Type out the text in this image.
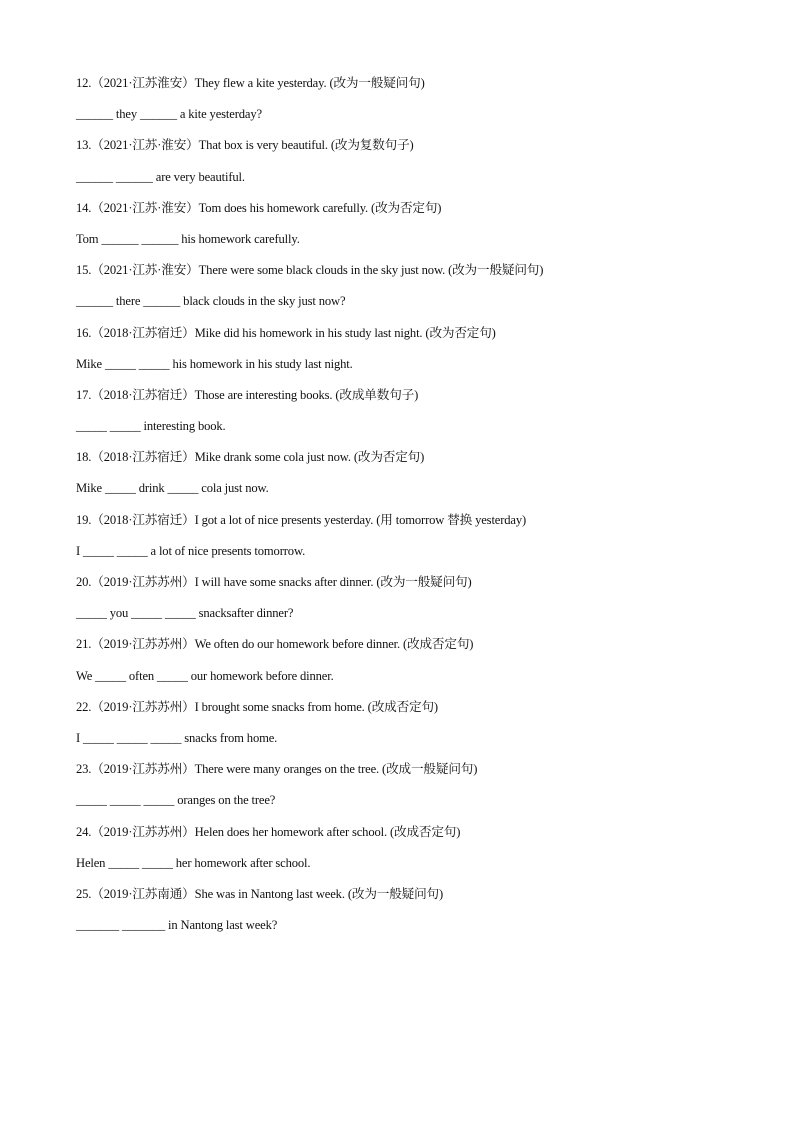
12.（2021·江苏淮安）They flew a kite yesterday. (改为一般疑问句)
______ they ______ a kite yesterday?
13.（2021·江苏·淮安）That box is very beautiful. (改为复数句子)
______ ______ are very beautiful.
14.（2021·江苏·淮安）Tom does his homework carefully. (改为否定句)
Tom ______ ______ his homework carefully.
15.（2021·江苏·淮安）There were some black clouds in the sky just now. (改为一般疑问句)
______ there ______ black clouds in the sky just now?
16.（2018·江苏宿迁）Mike did his homework in his study last night. (改为否定句)
Mike _____ _____ his homework in his study last night.
17.（2018·江苏宿迁）Those are interesting books. (改成单数句子)
_____ _____ interesting book.
18.（2018·江苏宿迁）Mike drank some cola just now. (改为否定句)
Mike _____ drink _____ cola just now.
19.（2018·江苏宿迁）I got a lot of nice presents yesterday. (用 tomorrow 替换 yesterday)
I _____ _____ a lot of nice presents tomorrow.
20.（2019·江苏苏州）I will have some snacks after dinner. (改为一般疑问句)
_____ you _____ _____ snacksafter dinner?
21.（2019·江苏苏州）We often do our homework before dinner. (改成否定句)
We _____ often _____ our homework before dinner.
22.（2019·江苏苏州）I brought some snacks from home. (改成否定句)
I _____ _____ _____ snacks from home.
23.（2019·江苏苏州）There were many oranges on the tree. (改成一般疑问句)
_____ _____ _____ oranges on the tree?
24.（2019·江苏苏州）Helen does her homework after school. (改成否定句)
Helen _____ _____ her homework after school.
25.（2019·江苏南通）She was in Nantong last week. (改为一般疑问句)
_______ _______ in Nantong last week?
